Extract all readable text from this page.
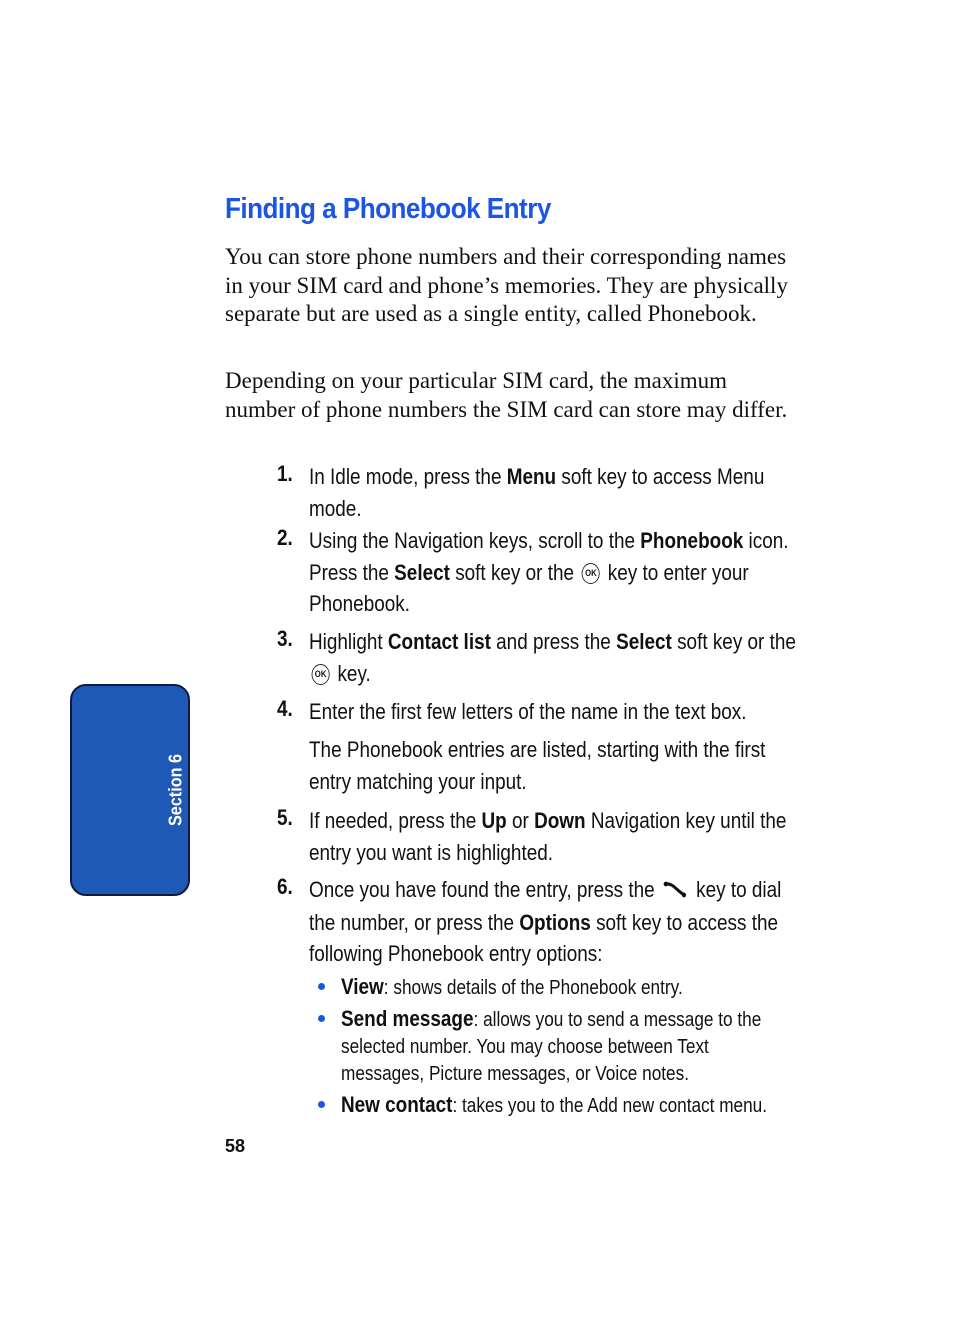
Finding a Phonebook Entry

You can store phone numbers and their corresponding names in your SIM card and phone’s memories. They are physically separate but are used as a single entity, called Phonebook.

Depending on your particular SIM card, the maximum number of phone numbers the SIM card can store may differ.

1. In Idle mode, press the Menu soft key to access Menu mode.
2. Using the Navigation keys, scroll to the Phonebook icon. Press the Select soft key or the OK key to enter your Phonebook.
3. Highlight Contact list and press the Select soft key or the OK key.
4. Enter the first few letters of the name in the text box.
The Phonebook entries are listed, starting with the first entry matching your input.
5. If needed, press the Up or Down Navigation key until the entry you want is highlighted.
6. Once you have found the entry, press the  key to dial the number, or press the Options soft key to access the following Phonebook entry options:
View: shows details of the Phonebook entry.
Send message: allows you to send a message to the selected number. You may choose between Text messages, Picture messages, or Voice notes.
New contact: takes you to the Add new contact menu.
Section 6
58
